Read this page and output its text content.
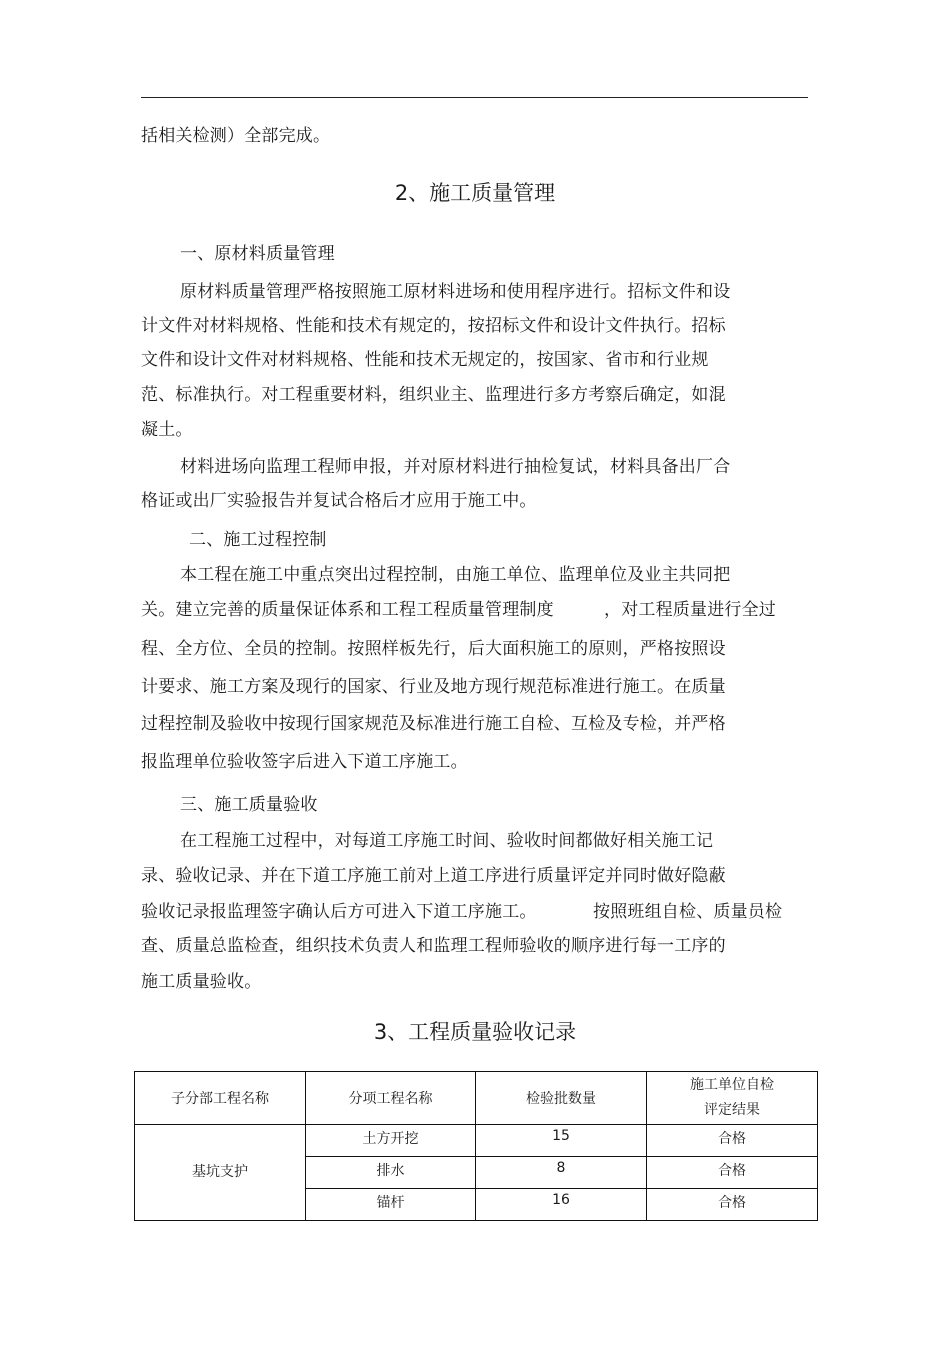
括相关检测）全部完成。
2、施工质量管理
一、原材料质量管理
原材料质量管理严格按照施工原材料进场和使用程序进行。招标文件和设
计文件对材料规格、性能和技术有规定的，按招标文件和设计文件执行。招标
文件和设计文件对材料规格、性能和技术无规定的，按国家、省市和行业规
范、标准执行。对工程重要材料，组织业主、监理进行多方考察后确定，如混
凝土。
材料进场向监理工程师申报，并对原材料进行抽检复试，材料具备出厂合
格证或出厂实验报告并复试合格后才应用于施工中。
二、施工过程控制
本工程在施工中重点突出过程控制，由施工单位、监理单位及业主共同把
关。建立完善的质量保证体系和工程工程质量管理制度	，对工程质量进行全过
程、全方位、全员的控制。按照样板先行，后大面积施工的原则，严格按照设
计要求、施工方案及现行的国家、行业及地方现行规范标准进行施工。在质量
过程控制及验收中按现行国家规范及标准进行施工自检、互检及专检，并严格
报监理单位验收签字后进入下道工序施工。
三、施工质量验收
在工程施工过程中，对每道工序施工时间、验收时间都做好相关施工记
录、验收记录、并在下道工序施工前对上道工序进行质量评定并同时做好隐蔽
验收记录报监理签字确认后方可进入下道工序施工。	按照班组自检、质量员检
查、质量总监检查，组织技术负责人和监理工程师验收的顺序进行每一工序的
施工质量验收。
3、工程质量验收记录
子分部工程名称	分项工程名称	检验批数量	施工单位自检
评定结果

基坑支护	土方开挖	15	合格
	排水	8	合格
	锚杆	16	合格
